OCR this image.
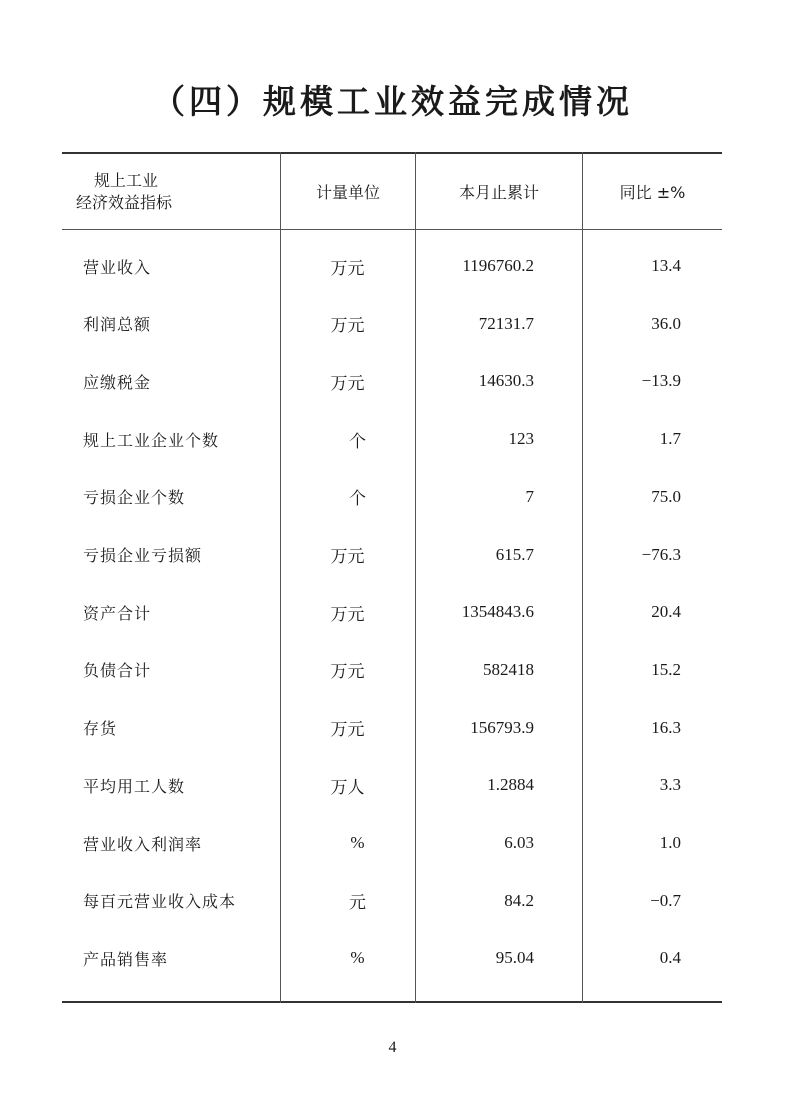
（四）规模工业效益完成情况
规上工业
经济效益指标	计量单位	本月止累计	同比 ±%
营业收入	万元	1196760.2	13.4
利润总额	万元	72131.7	36.0
应缴税金	万元	14630.3	−13.9
规上工业企业个数	个	123	1.7
亏损企业个数	个	7	75.0
亏损企业亏损额	万元	615.7	−76.3
资产合计	万元	1354843.6	20.4
负债合计	万元	582418	15.2
存货	万元	156793.9	16.3
平均用工人数	万人	1.2884	3.3
营业收入利润率	%	6.03	1.0
每百元营业收入成本	元	84.2	−0.7
产品销售率	%	95.04	0.4
4
